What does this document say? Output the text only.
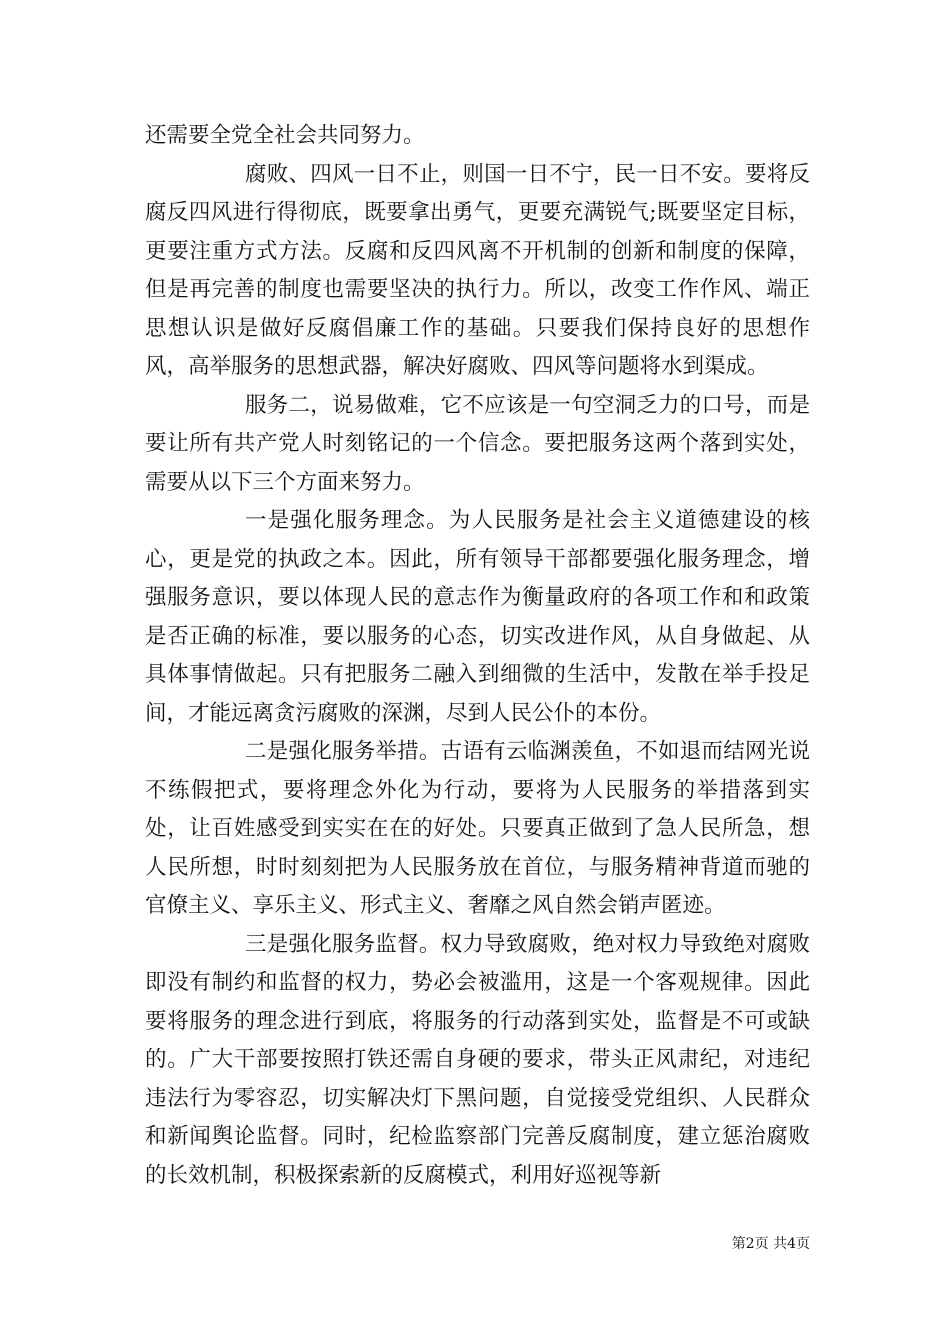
还需要全党全社会共同努力。

腐败、四风一日不止，则国一日不宁，民一日不安。要将反腐反四风进行得彻底，既要拿出勇气，更要充满锐气;既要坚定目标，更要注重方式方法。反腐和反四风离不开机制的创新和制度的保障，但是再完善的制度也需要坚决的执行力。所以，改变工作作风、端正思想认识是做好反腐倡廉工作的基础。只要我们保持良好的思想作风，高举服务的思想武器，解决好腐败、四风等问题将水到渠成。

服务二，说易做难，它不应该是一句空洞乏力的口号，而是要让所有共产党人时刻铭记的一个信念。要把服务这两个落到实处，需要从以下三个方面来努力。

一是强化服务理念。为人民服务是社会主义道德建设的核心，更是党的执政之本。因此，所有领导干部都要强化服务理念，增强服务意识，要以体现人民的意志作为衡量政府的各项工作和和政策是否正确的标准，要以服务的心态，切实改进作风，从自身做起、从具体事情做起。只有把服务二融入到细微的生活中，发散在举手投足间，才能远离贪污腐败的深渊，尽到人民公仆的本份。

二是强化服务举措。古语有云临渊羡鱼，不如退而结网光说不练假把式，要将理念外化为行动，要将为人民服务的举措落到实处，让百姓感受到实实在在的好处。只要真正做到了急人民所急，想人民所想，时时刻刻把为人民服务放在首位，与服务精神背道而驰的官僚主义、享乐主义、形式主义、奢靡之风自然会销声匿迹。

三是强化服务监督。权力导致腐败，绝对权力导致绝对腐败即没有制约和监督的权力，势必会被滥用，这是一个客观规律。因此要将服务的理念进行到底，将服务的行动落到实处，监督是不可或缺的。广大干部要按照打铁还需自身硬的要求，带头正风肃纪，对违纪违法行为零容忍，切实解决灯下黑问题，自觉接受党组织、人民群众和新闻舆论监督。同时，纪检监察部门完善反腐制度，建立惩治腐败的长效机制，积极探索新的反腐模式，利用好巡视等新

第2页 共4页
